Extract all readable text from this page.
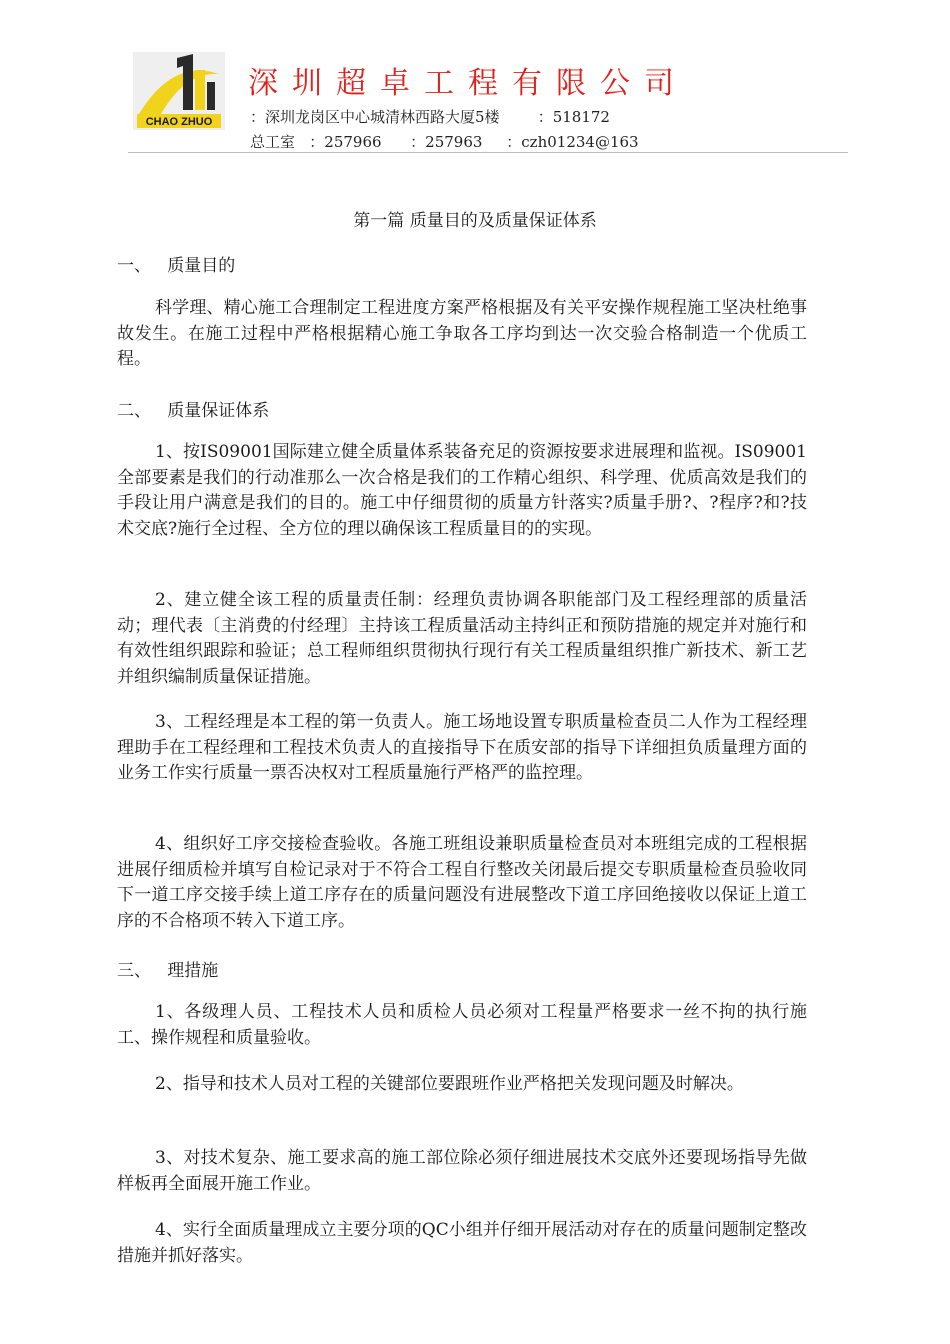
CHAO ZHUO
深圳超卓工程有限公司
：深圳龙岗区中心城清林西路大厦5楼        ：518172
总工室   ：257966      ：257963     ：czh01234@163
第一篇 质量目的及质量保证体系
一、   质量目的
科学理、精心施工合理制定工程进度方案严格根据及有关平安操作规程施工坚决杜绝事故发生。在施工过程中严格根据精心施工争取各工序均到达一次交验合格制造一个优质工程。
二、   质量保证体系
1、按IS09001国际建立健全质量体系装备充足的资源按要求进展理和监视。IS09001全部要素是我们的行动准那么一次合格是我们的工作精心组织、科学理、优质高效是我们的手段让用户满意是我们的目的。施工中仔细贯彻的质量方针落实?质量手册?、?程序?和?技术交底?施行全过程、全方位的理以确保该工程质量目的的实现。
2、建立健全该工程的质量责任制：经理负责协调各职能部门及工程经理部的质量活动；理代表〔主消费的付经理〕主持该工程质量活动主持纠正和预防措施的规定并对施行和有效性组织跟踪和验证；总工程师组织贯彻执行现行有关工程质量组织推广新技术、新工艺并组织编制质量保证措施。
3、工程经理是本工程的第一负责人。施工场地设置专职质量检查员二人作为工程经理理助手在工程经理和工程技术负责人的直接指导下在质安部的指导下详细担负质量理方面的业务工作实行质量一票否决权对工程质量施行严格严的监控理。
4、组织好工序交接检查验收。各施工班组设兼职质量检查员对本班组完成的工程根据进展仔细质检并填写自检记录对于不符合工程自行整改关闭最后提交专职质量检查员验收同下一道工序交接手续上道工序存在的质量问题没有进展整改下道工序回绝接收以保证上道工序的不合格项不转入下道工序。
三、   理措施
1、各级理人员、工程技术人员和质检人员必须对工程量严格要求一丝不拘的执行施工、操作规程和质量验收。
2、指导和技术人员对工程的关键部位要跟班作业严格把关发现问题及时解决。
3、对技术复杂、施工要求高的施工部位除必须仔细进展技术交底外还要现场指导先做样板再全面展开施工作业。
4、实行全面质量理成立主要分项的QC小组并仔细开展活动对存在的质量问题制定整改措施并抓好落实。
